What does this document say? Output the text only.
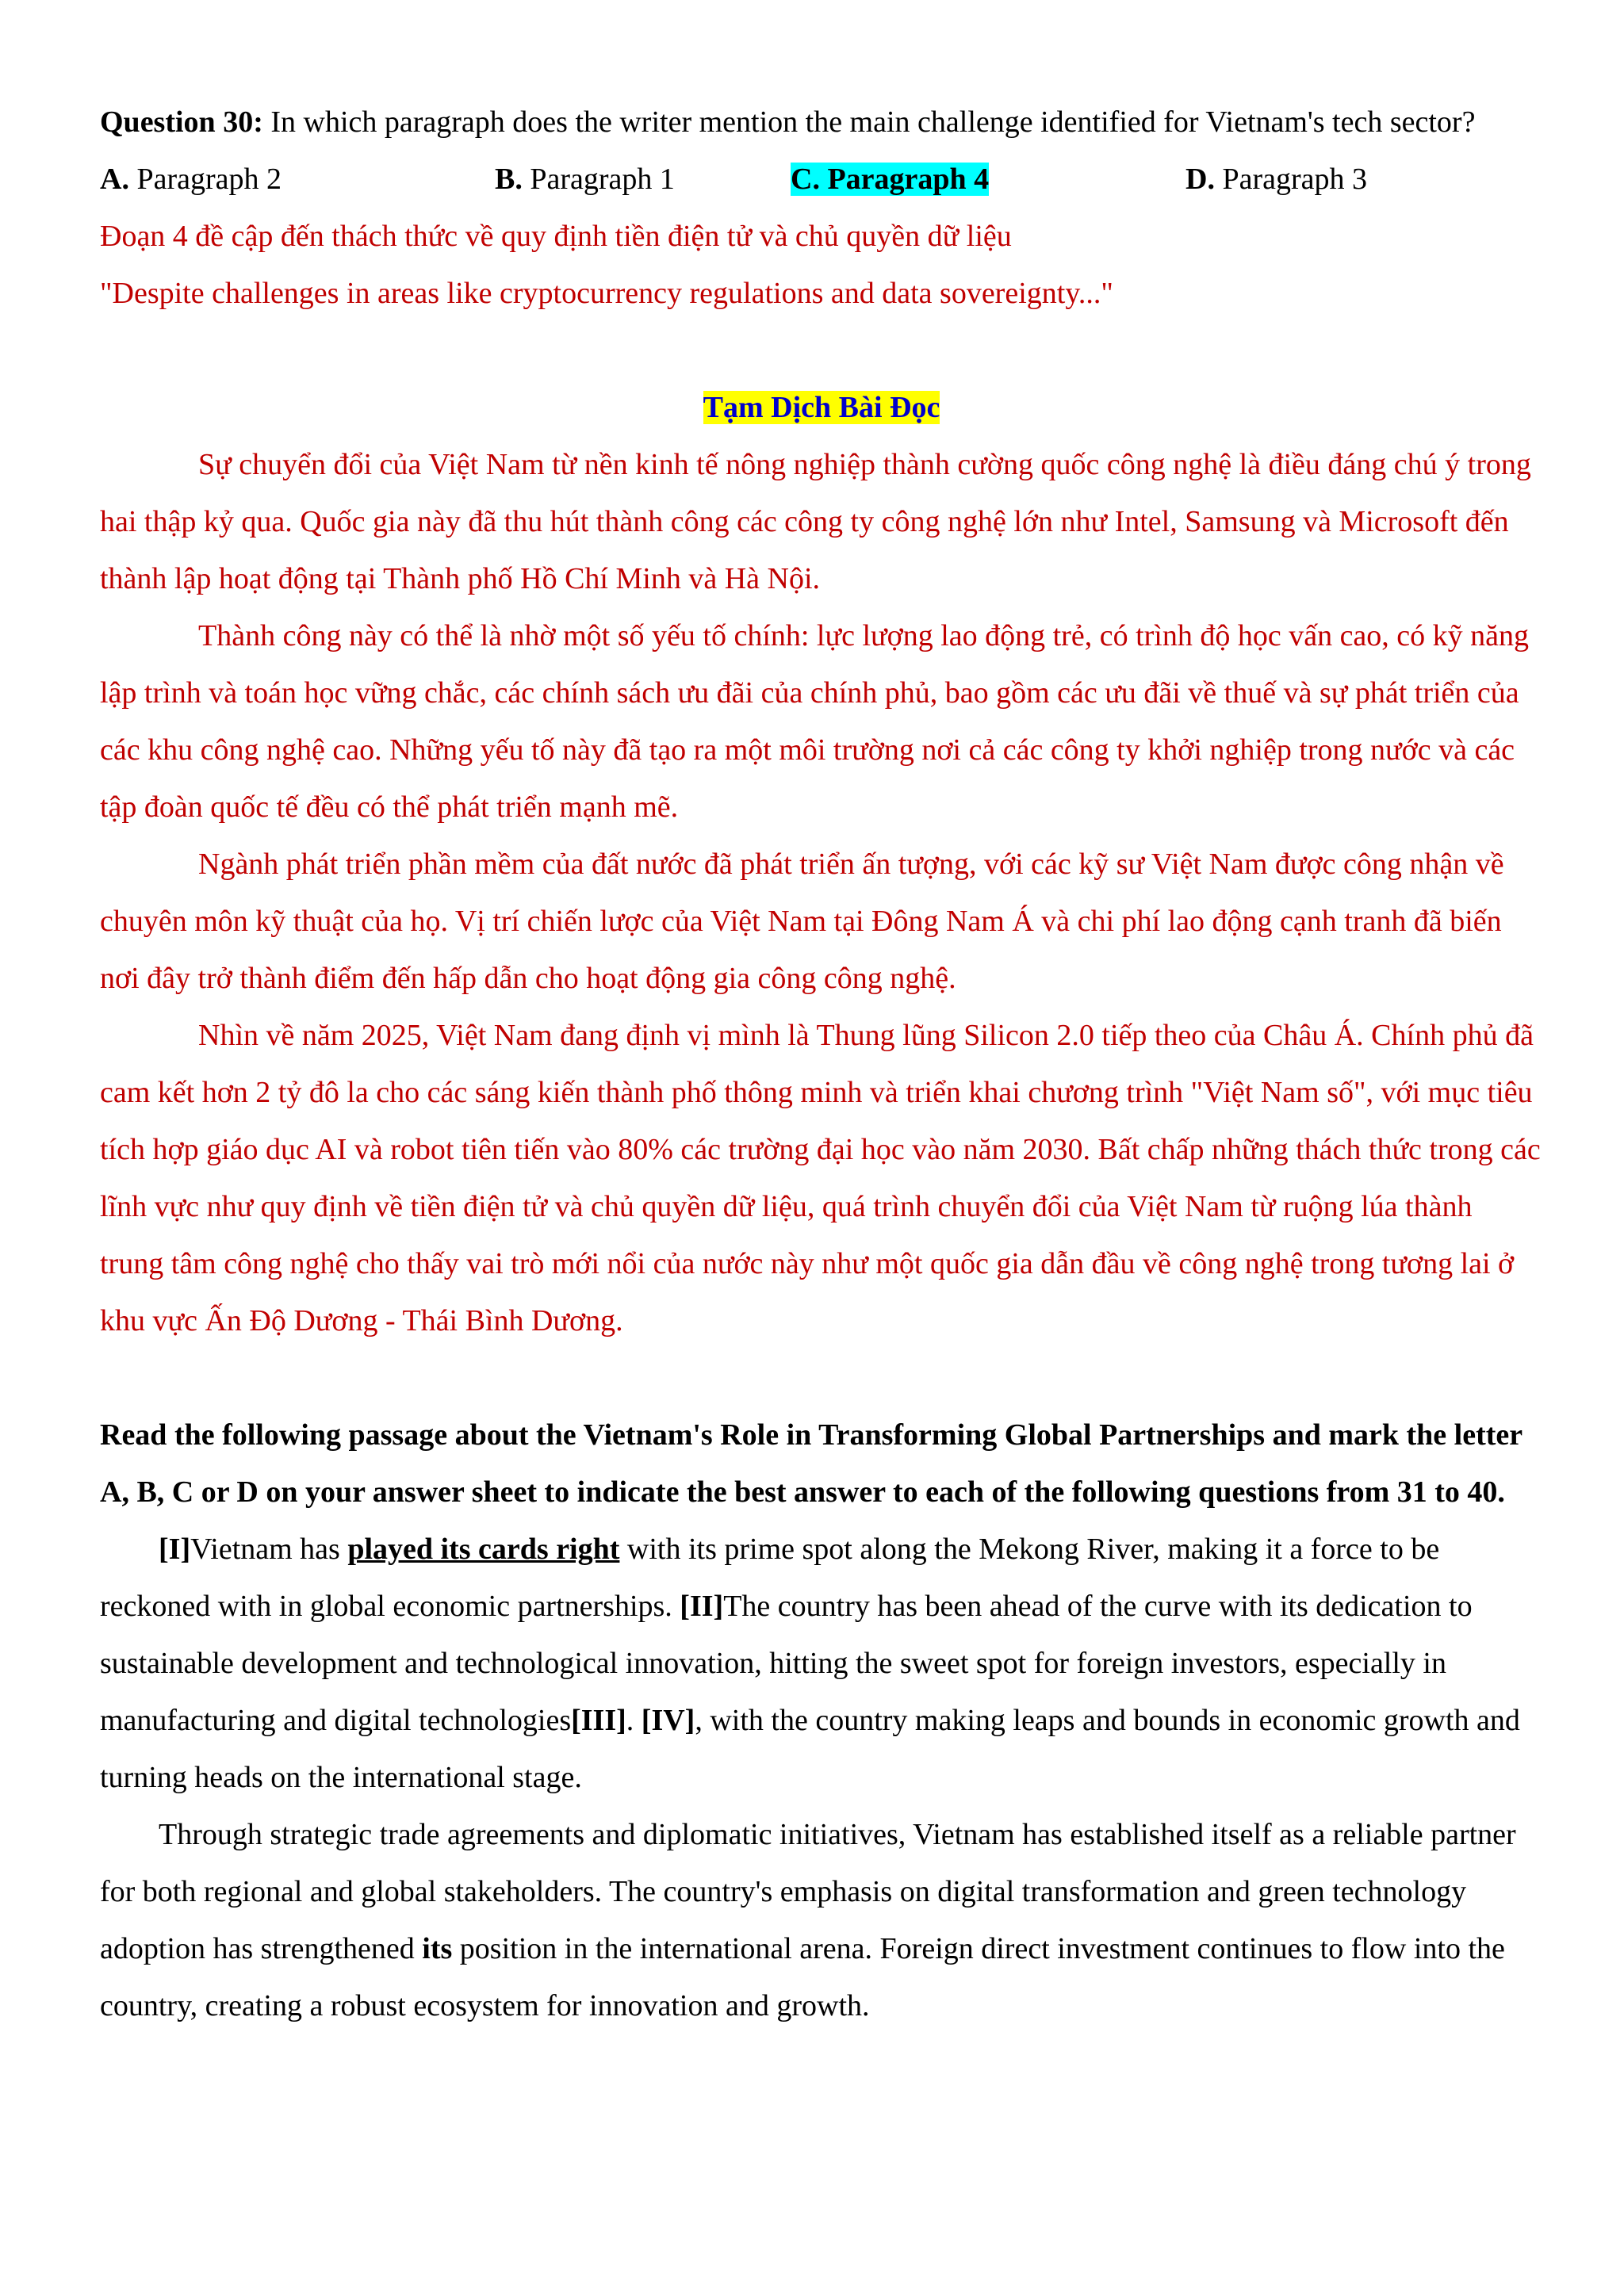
Question 30: In which paragraph does the writer mention the main challenge identified for Vietnam's tech sector?

A. Paragraph 2	B. Paragraph 1	C. Paragraph 4	D. Paragraph 3

Đoạn 4 đề cập đến thách thức về quy định tiền điện tử và chủ quyền dữ liệu

"Despite challenges in areas like cryptocurrency regulations and data sovereignty..."

Tạm Dịch Bài Đọc

Sự chuyển đổi của Việt Nam từ nền kinh tế nông nghiệp thành cường quốc công nghệ là điều đáng chú ý trong hai thập kỷ qua. Quốc gia này đã thu hút thành công các công ty công nghệ lớn như Intel, Samsung và Microsoft đến thành lập hoạt động tại Thành phố Hồ Chí Minh và Hà Nội.

Thành công này có thể là nhờ một số yếu tố chính: lực lượng lao động trẻ, có trình độ học vấn cao, có kỹ năng lập trình và toán học vững chắc, các chính sách ưu đãi của chính phủ, bao gồm các ưu đãi về thuế và sự phát triển của các khu công nghệ cao. Những yếu tố này đã tạo ra một môi trường nơi cả các công ty khởi nghiệp trong nước và các tập đoàn quốc tế đều có thể phát triển mạnh mẽ.

Ngành phát triển phần mềm của đất nước đã phát triển ấn tượng, với các kỹ sư Việt Nam được công nhận về chuyên môn kỹ thuật của họ. Vị trí chiến lược của Việt Nam tại Đông Nam Á và chi phí lao động cạnh tranh đã biến nơi đây trở thành điểm đến hấp dẫn cho hoạt động gia công công nghệ.

Nhìn về năm 2025, Việt Nam đang định vị mình là Thung lũng Silicon 2.0 tiếp theo của Châu Á. Chính phủ đã cam kết hơn 2 tỷ đô la cho các sáng kiến thành phố thông minh và triển khai chương trình "Việt Nam số", với mục tiêu tích hợp giáo dục AI và robot tiên tiến vào 80% các trường đại học vào năm 2030. Bất chấp những thách thức trong các lĩnh vực như quy định về tiền điện tử và chủ quyền dữ liệu, quá trình chuyển đổi của Việt Nam từ ruộng lúa thành trung tâm công nghệ cho thấy vai trò mới nổi của nước này như một quốc gia dẫn đầu về công nghệ trong tương lai ở khu vực Ấn Độ Dương - Thái Bình Dương.

Read the following passage about the Vietnam's Role in Transforming Global Partnerships and mark the letter A, B, C or D on your answer sheet to indicate the best answer to each of the following questions from 31 to 40.

[I]Vietnam has played its cards right with its prime spot along the Mekong River, making it a force to be reckoned with in global economic partnerships. [II]The country has been ahead of the curve with its dedication to sustainable development and technological innovation, hitting the sweet spot for foreign investors, especially in manufacturing and digital technologies[III]. [IV], with the country making leaps and bounds in economic growth and turning heads on the international stage.

Through strategic trade agreements and diplomatic initiatives, Vietnam has established itself as a reliable partner for both regional and global stakeholders. The country's emphasis on digital transformation and green technology adoption has strengthened its position in the international arena. Foreign direct investment continues to flow into the country, creating a robust ecosystem for innovation and growth.
